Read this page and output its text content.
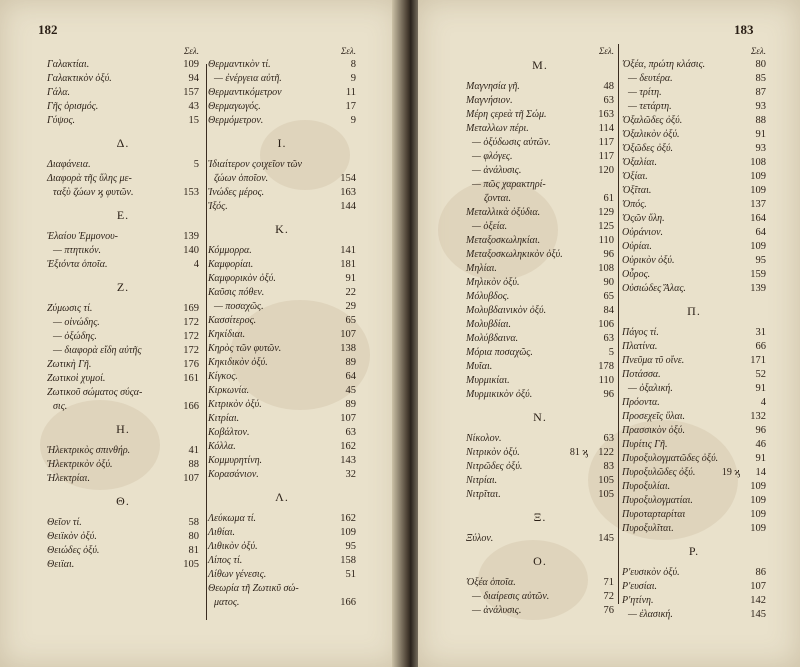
182
Σελ.
Γαλακτίαι.	109
Γαλακτικὸν ὀξύ.	94
Γάλα.	157
Γῆς ὁρισμός.	43
Γύψος.	15
Δ.
Διαφάνεια.	5
Διαφορὰ τῆς ὕλης με-
ταξὺ ζώων ϗ φυτῶν.	153
Ε.
Ἐλαίου Ἐμμονου-	139
— πτητικόν.	140
Ἐξιόντα ὁποῖα.	4
Ζ.
Ζύμωσις τί.	169
— οἰνώδης.	172
— ὀξώδης.	172
— διαφορὰ εἴδη αὐτῆς	172
Ζωτικὴ Γῆ.	176
Ζωτικοὶ χυμοί.	161
Ζωτικοῦ σώματος σύςα-
σις.	166
Η.
Ἠλεκτρικὸς σπινθήρ.	41
Ἠλεκτρικὸν ὀξύ.	88
Ἠλεκτρίαι.	107
Θ.
Θεῖον τί.	58
Θειϊκὸν ὀξύ.	80
Θειώδες ὀξύ.	81
Θειϊαι.	105
Σελ.
Θερμαντικὸν τί.	8
— ἐνέργεια αὐτῆ.	9
Θερμαντικόμετρον	11
Θερμαγωγός.	17
Θερμόμετρον.	9
Ι.
Ἰδιαίτερον ςοιχεῖον τῶν
ζώων ὁποῖον.	154
Ἰνώδες μέρος.	163
Ἰξός.	144
Κ.
Κόμμορρα.	141
Καμφορίαι.	181
Καμφορικὸν ὀξύ.	91
Καῦσις πόθεν.	22
— ποσαχῶς.	29
Κασσίτερος.	65
Κηκίδιαι.	107
Κηρὸς τῶν φυτῶν.	138
Κηκιδικὸν ὀξύ.	89
Κίγκος.	64
Κιρκωνία.	45
Κιτρικὸν ὀξύ.	89
Κιτρίαι.	107
Κοβάλτον.	63
Κόλλα.	162
Κομμυρητίνη.	143
Κορασάνιον.	32
Λ.
Λεύκωμα τί.	162
Λιθίαι.	109
Λιθικὸν ὀξύ.	95
Λίπος τί.	158
Λίθων γένεσις.	51
Θεωρία τῆ Ζωτικῦ σώ-
ματος.	166
183
Σελ.
Μ.
Μαγνησία γῆ.	48
Μαγνήσιον.	63
Μέρη ςερεὰ τῆ Σώμ.	163
Μεταλλων πέρι.	114
— ὀξύδωσις αὐτῶν.	117
— φλόγες.	117
— ἀνάλυσις.	120
— πῶς χαρακτηρί-
ζονται.	61
Μεταλλικὰ ὀξύδια.	129
— ὀξεία.	125
Μεταξοσκωληκίαι.	110
Μεταξοσκωληκικὸν ὀξύ.	96
Μηλίαι.	108
Μηλικὸν ὀξύ.	90
Μόλυβδος.	65
Μολυβδαινικὸν ὀξύ.	84
Μολυβδίαι.	106
Μολύβδαινα.	63
Μόρια ποσαχῶς.	5
Μυῖαι.	178
Μυρμικίαι.	110
Μυρμικικὸν ὀξύ.	96
Ν.
Νίκολον.	63
Νιτρικὸν ὀξύ.	81 ϗ 122
Νιτρῶδες ὀξύ.	83
Νιτρίαι.	105
Νιτρῖται.	105
Ξ.
Ξύλον.	145
Ο.
Ὀξέα ὁποῖα.	71
— διαίρεσις αὐτῶν.	72
— ἀνάλυσις.	76
Σελ.
Ὀξέα, πρώτη κλάσις.	80
— δευτέρα.	85
— τρίτη.	87
— τετάρτη.	93
Ὀξαλῶδες ὀξύ.	88
Ὀξαλικὸν ὀξύ.	91
Ὀξῶδες ὀξύ.	93
Ὀξαλίαι.	108
Ὀξίαι.	109
Ὀξῖται.	109
Ὀπός.	137
Ὀςῶν ὕλη.	164
Οὐράνιον.	64
Οὐρίαι.	109
Οὐρικὸν ὀξύ.	95
Οὖρος.	159
Οὐσιώδες Ἄλας.	139
Π.
Πάγος τί.	31
Πλατίνα.	66
Πνεῦμα τῦ οἴνε.	171
Ποτάσσα.	52
— ὀξαλική.	91
Πρόοντα.	4
Προσεχεῖς ὕλαι.	132
Πρασσικὸν ὀξύ.	96
Πυρίτις Γῆ.	46
Πυροξυλογματῶδες ὀξύ.	91
Πυροξυλῶδες ὀξύ.	19 ϗ 14
Πυροξυλίαι.	109
Πυροξυλογματίαι.	109
Πυροταρταρίται	109
Πυροξυλῖται.	109
Ρ.
Ρ'ευσικὸν ὀξύ.	86
Ρ'ευσίαι.	107
Ρ'ητίνη.	142
— ἐλασική.	145
